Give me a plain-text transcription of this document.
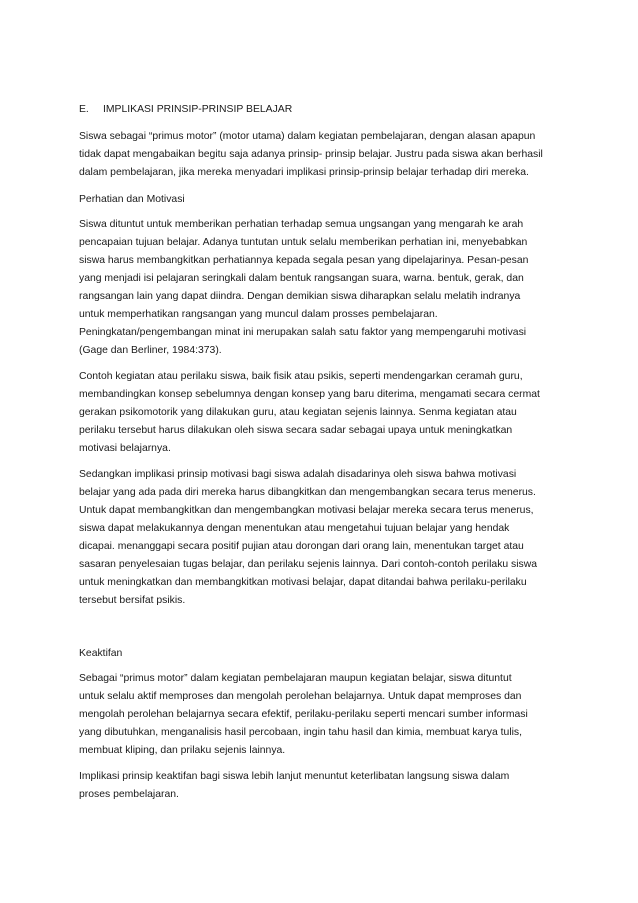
E. IMPLIKASI PRINSIP-PRINSIP BELAJAR

Siswa sebagai “primus motor” (motor utama) dalam kegiatan pembelajaran, dengan alasan apapun
tidak dapat mengabaikan begitu saja adanya prinsip- prinsip belajar. Justru pada siswa akan berhasil
dalam pembelajaran, jika mereka menyadari implikasi prinsip-prinsip belajar terhadap diri mereka.

Perhatian dan Motivasi

Siswa dituntut untuk memberikan perhatian terhadap semua ungsangan yang mengarah ke arah
pencapaian tujuan belajar. Adanya tuntutan untuk selalu memberikan perhatian ini, menyebabkan
siswa harus membangkitkan perhatiannya kepada segala pesan yang dipelajarinya. Pesan-pesan
yang menjadi isi pelajaran seringkali dalam bentuk rangsangan suara, warna. bentuk, gerak, dan
rangsangan lain yang dapat diindra. Dengan demikian siswa diharapkan selalu melatih indranya
untuk memperhatikan rangsangan yang muncul dalam prosses pembelajaran.
Peningkatan/pengembangan minat ini merupakan salah satu faktor yang mempengaruhi motivasi
(Gage dan Berliner, 1984:373).

Contoh kegiatan atau perilaku siswa, baik fisik atau psikis, seperti mendengarkan ceramah guru,
membandingkan konsep sebelumnya dengan konsep yang baru diterima, mengamati secara cermat
gerakan psikomotorik yang dilakukan guru, atau kegiatan sejenis lainnya. Senma kegiatan atau
perilaku tersebut harus dilakukan oleh siswa secara sadar sebagai upaya untuk meningkatkan
motivasi belajarnya.

Sedangkan implikasi prinsip motivasi bagi siswa adalah disadarinya oleh siswa bahwa motivasi
belajar yang ada pada diri mereka harus dibangkitkan dan mengembangkan secara terus menerus.
Untuk dapat membangkitkan dan mengembangkan motivasi belajar mereka secara terus menerus,
siswa dapat melakukannya dengan menentukan atau mengetahui tujuan belajar yang hendak
dicapai. menanggapi secara positif pujian atau dorongan dari orang lain, menentukan target atau
sasaran penyelesaian tugas belajar, dan perilaku sejenis lainnya. Dari contoh-contoh perilaku siswa
untuk meningkatkan dan membangkitkan motivasi belajar, dapat ditandai bahwa perilaku-perilaku
tersebut bersifat psikis.

Keaktifan

Sebagai “primus motor” dalam kegiatan pembelajaran maupun kegiatan belajar, siswa dituntut
untuk selalu aktif memproses dan mengolah perolehan belajarnya. Untuk dapat memproses dan
mengolah perolehan belajarnya secara efektif, perilaku-perilaku seperti mencari sumber informasi
yang dibutuhkan, menganalisis hasil percobaan, ingin tahu hasil dan kimia, membuat karya tulis,
membuat kliping, dan prilaku sejenis lainnya.

Implikasi prinsip keaktifan bagi siswa lebih lanjut menuntut keterlibatan langsung siswa dalam
proses pembelajaran.
